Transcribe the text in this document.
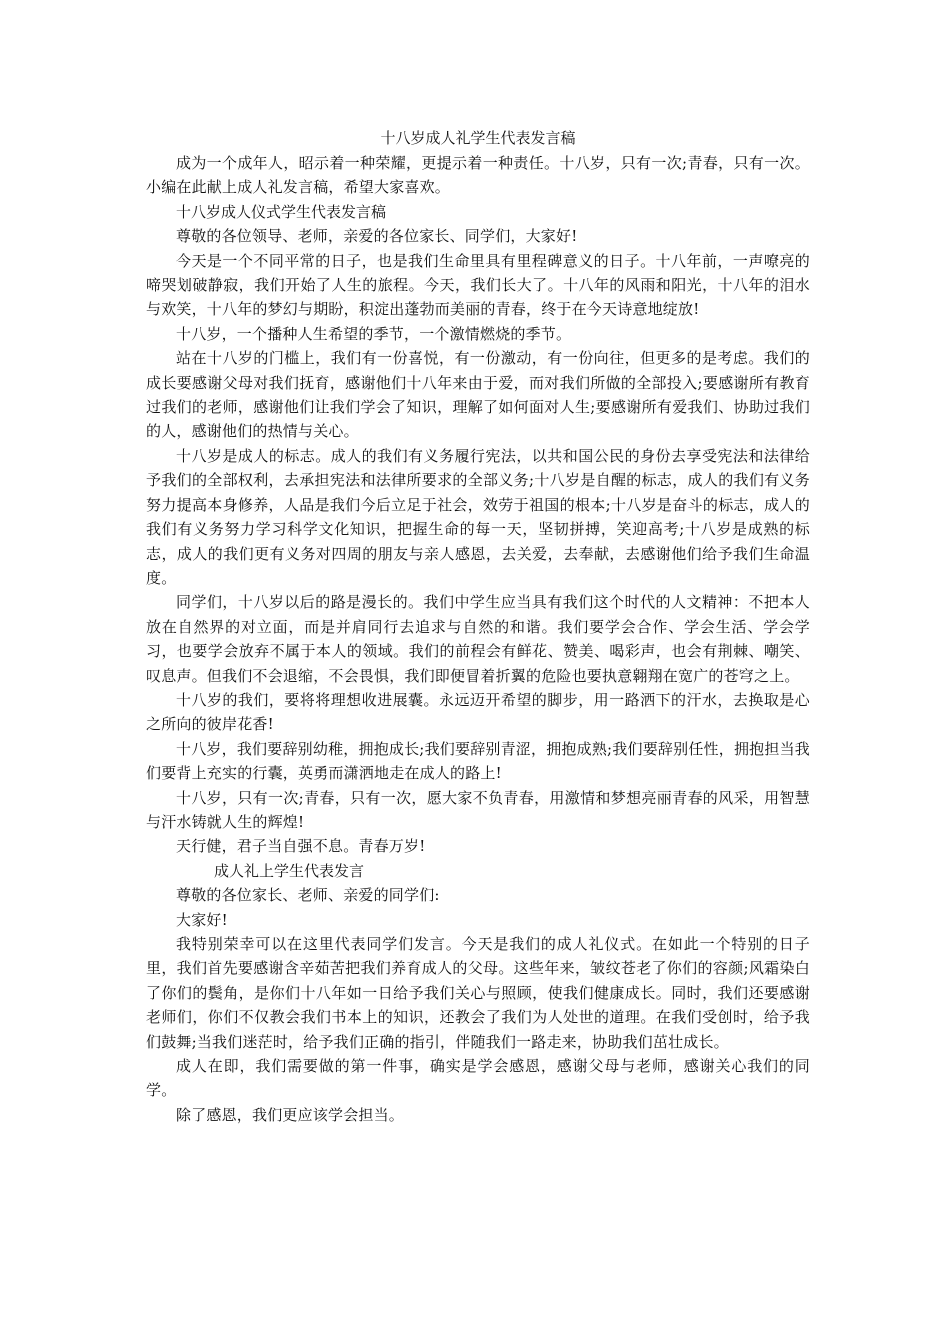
十八岁成人礼学生代表发言稿

成为一个成年人，昭示着一种荣耀，更提示着一种责任。十八岁，只有一次;青春，只有一次。小编在此献上成人礼发言稿，希望大家喜欢。

十八岁成人仪式学生代表发言稿

尊敬的各位领导、老师，亲爱的各位家长、同学们，大家好!

今天是一个不同平常的日子，也是我们生命里具有里程碑意义的日子。十八年前，一声嘹亮的啼哭划破静寂，我们开始了人生的旅程。今天，我们长大了。十八年的风雨和阳光，十八年的泪水与欢笑，十八年的梦幻与期盼，积淀出蓬勃而美丽的青春，终于在今天诗意地绽放!

十八岁，一个播种人生希望的季节，一个激情燃烧的季节。

站在十八岁的门槛上，我们有一份喜悦，有一份激动，有一份向往，但更多的是考虑。我们的成长要感谢父母对我们抚育，感谢他们十八年来由于爱，而对我们所做的全部投入;要感谢所有教育过我们的老师，感谢他们让我们学会了知识，理解了如何面对人生;要感谢所有爱我们、协助过我们的人，感谢他们的热情与关心。

十八岁是成人的标志。成人的我们有义务履行宪法，以共和国公民的身份去享受宪法和法律给予我们的全部权利，去承担宪法和法律所要求的全部义务;十八岁是自醒的标志，成人的我们有义务努力提高本身修养，人品是我们今后立足于社会，效劳于祖国的根本;十八岁是奋斗的标志，成人的我们有义务努力学习科学文化知识，把握生命的每一天，坚韧拼搏，笑迎高考;十八岁是成熟的标志，成人的我们更有义务对四周的朋友与亲人感恩，去关爱，去奉献，去感谢他们给予我们生命温度。

同学们，十八岁以后的路是漫长的。我们中学生应当具有我们这个时代的人文精神：不把本人放在自然界的对立面，而是并肩同行去追求与自然的和谐。我们要学会合作、学会生活、学会学习，也要学会放弃不属于本人的领域。我们的前程会有鲜花、赞美、喝彩声，也会有荆棘、嘲笑、叹息声。但我们不会退缩，不会畏惧，我们即便冒着折翼的危险也要执意翱翔在宽广的苍穹之上。

十八岁的我们，要将将理想收进展囊。永远迈开希望的脚步，用一路洒下的汗水，去换取是心之所向的彼岸花香!

十八岁，我们要辞别幼稚，拥抱成长;我们要辞别青涩，拥抱成熟;我们要辞别任性，拥抱担当我们要背上充实的行囊，英勇而潇洒地走在成人的路上!

十八岁，只有一次;青春，只有一次，愿大家不负青春，用激情和梦想亮丽青春的风采，用智慧与汗水铸就人生的辉煌!

天行健，君子当自强不息。青春万岁!

成人礼上学生代表发言

尊敬的各位家长、老师、亲爱的同学们:

大家好!

我特别荣幸可以在这里代表同学们发言。今天是我们的成人礼仪式。在如此一个特别的日子里，我们首先要感谢含辛茹苦把我们养育成人的父母。这些年来，皱纹苍老了你们的容颜;风霜染白了你们的鬓角，是你们十八年如一日给予我们关心与照顾，使我们健康成长。同时，我们还要感谢老师们，你们不仅教会我们书本上的知识，还教会了我们为人处世的道理。在我们受创时，给予我们鼓舞;当我们迷茫时，给予我们正确的指引，伴随我们一路走来，协助我们茁壮成长。

成人在即，我们需要做的第一件事，确实是学会感恩，感谢父母与老师，感谢关心我们的同学。

除了感恩，我们更应该学会担当。
